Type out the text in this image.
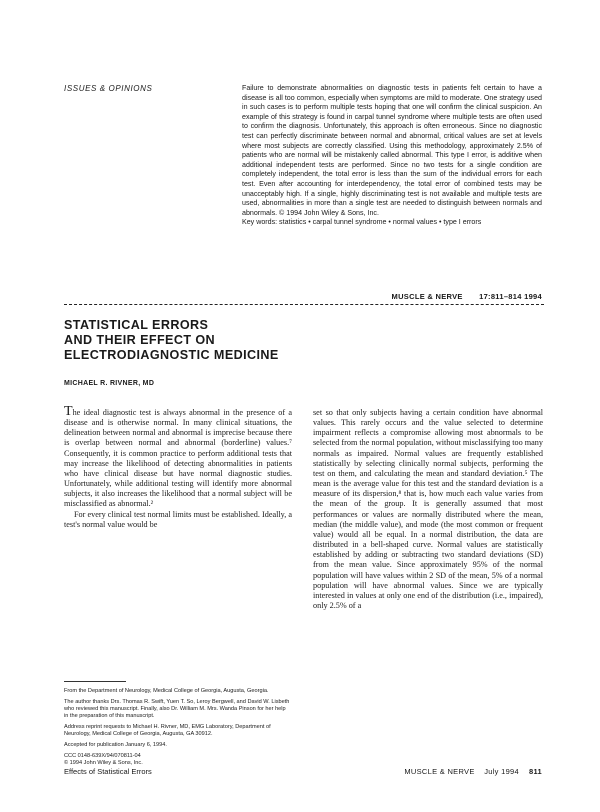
ISSUES & OPINIONS	Failure to demonstrate abnormalities on diagnostic tests in patients felt certain to have a disease is all too common, especially when symptoms are mild to moderate. One strategy used in such cases is to perform multiple tests hoping that one will confirm the clinical suspicion. An example of this strategy is found in carpal tunnel syndrome where multiple tests are often used to confirm the diagnosis. Unfortunately, this approach is often erroneous. Since no diagnostic test can perfectly discriminate between normal and abnormal, critical values are set at levels where most subjects are correctly classified. Using this methodology, approximately 2.5% of patients who are normal will be mistakenly called abnormal. This type I error, is additive when additional independent tests are performed. Since no two tests for a single condition are completely independent, the total error is less than the sum of the individual errors for each test. Even after accounting for interdependency, the total error of combined tests may be unacceptably high. If a single, highly discriminating test is not available and multiple tests are used, abnormalities in more than a single test are needed to distinguish between normals and abnormals. © 1994 John Wiley & Sons, Inc.

Key words: statistics • carpal tunnel syndrome • normal values • type I errors

MUSCLE & NERVE 17:811–814 1994
STATISTICAL ERRORS
AND THEIR EFFECT ON
ELECTRODIAGNOSTIC MEDICINE
MICHAEL R. RIVNER, MD

The ideal diagnostic test is always abnormal in the presence of a disease and is otherwise normal. In many clinical situations, the delineation between normal and abnormal is imprecise because there is overlap between normal and abnormal (borderline) values.⁷ Consequently, it is common practice to perform additional tests that may increase the likelihood of detecting abnormalities in patients who have clinical disease but have normal diagnostic studies. Unfortunately, while additional testing will identify more abnormal subjects, it also increases the likelihood that a normal subject will be misclassified as abnormal.²

For every clinical test normal limits must be established. Ideally, a test's normal value would be

From the Department of Neurology, Medical College of Georgia, Augusta, Georgia.

The author thanks Drs. Thomas R. Swift, Yuen T. So, Leroy Bergwell, and David W. Lisbeth who reviewed this manuscript. Finally, also Dr. William M. Mrs. Wanda Pinson for her help in the preparation of this manuscript.

Address reprint requests to Michael H. Rivner, MD, EMG Laboratory, Department of Neurology, Medical College of Georgia, Augusta, GA 30912.

Accepted for publication January 6, 1994.

CCC 0148-639X/94/070811-04
© 1994 John Wiley & Sons, Inc.

set so that only subjects having a certain condition have abnormal values. This rarely occurs and the value selected to determine impairment reflects a compromise allowing most abnormals to be selected from the normal population, without misclassifying too many normals as impaired. Normal values are frequently established statistically by selecting clinically normal subjects, performing the test on them, and calculating the mean and standard deviation.⁵ The mean is the average value for this test and the standard deviation is a measure of its dispersion,⁸ that is, how much each value varies from the mean of the group. It is generally assumed that most performances or values are normally distributed where the mean, median (the middle value), and mode (the most common or frequent value) would all be equal. In a normal distribution, the data are distributed in a bell-shaped curve. Normal values are statistically established by adding or subtracting two standard deviations (SD) from the mean value. Since approximately 95% of the normal population will have values within 2 SD of the mean, 5% of a normal population will have abnormal values. Since we are typically interested in values at only one end of the distribution (i.e., impaired), only 2.5% of a

Effects of Statistical Errors	MUSCLE & NERVE    July 1994 811
